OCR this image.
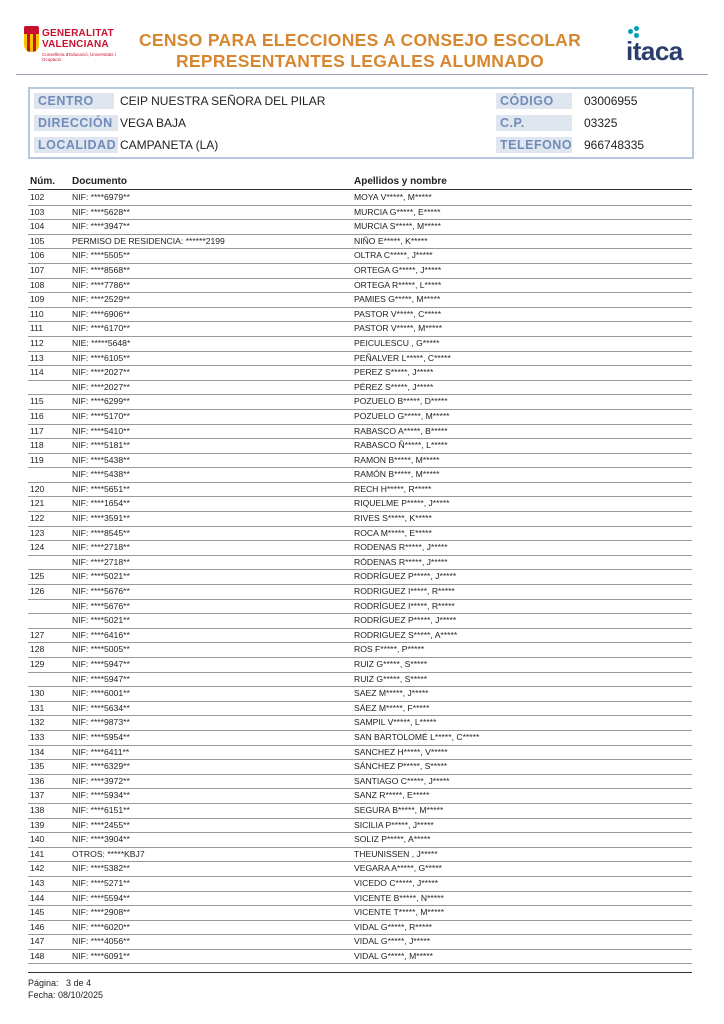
GENERALITAT
VALENCIANA
Conselleria d'Educació, Universitats i Ocupació
CENSO PARA ELECCIONES A CONSEJO ESCOLAR
REPRESENTANTES LEGALES ALUMNADO	itaca
CENTRO	CEIP NUESTRA SEÑORA DEL PILAR
DIRECCIÓN VEGA BAJA
LOCALIDAD CAMPANETA (LA)
CÓDIGO	03006955
C.P.	03325
TELEFONO 966748335
Núm. Documento	Apellidos y nombre
102	NIF: ****6979**	MOYA V*****, M*****
103	NIF: ****5628**	MURCIA G*****, E*****
104	NIF: ****3947**	MURCIA S*****, M*****
105	PERMISO DE RESIDENCIA: ******2199	NIÑO E*****, K*****
106	NIF: ****5505**	OLTRA C*****, J*****
107	NIF: ****8568**	ORTEGA G*****, J*****
108	NIF: ****7786**	ORTEGA R*****, L*****
109	NIF: ****2529**	PAMIES G*****, M*****
110	NIF: ****6906**	PASTOR V*****, C*****
111	NIF: ****6170**	PASTOR V*****, M*****
112	NIE: *****5648*	PEICULESCU , G*****
113	NIF: ****6105**	PEÑALVER L*****, C*****
114	NIF: ****2027**	PEREZ S*****, J*****
NIF: ****2027**	PÉREZ S*****, J*****
115	NIF: ****6299**	POZUELO B*****, D*****
116	NIF: ****5170**	POZUELO G*****, M*****
117	NIF: ****5410**	RABASCO A*****, B*****
118	NIF: ****5181**	RABASCO Ñ*****, L*****
119	NIF: ****5438**	RAMON B*****, M*****
NIF: ****5438**	RAMÓN B*****, M*****
120	NIF: ****5651**	RECH H*****, R*****
121	NIF: ****1654**	RIQUELME P*****, J*****
122	NIF: ****3591**	RIVES S*****, K*****
123	NIF: ****8545**	ROCA M*****, E*****
124	NIF: ****2718**	RODENAS R*****, J*****
NIF: ****2718**	RÓDENAS R*****, J*****
125	NIF: ****5021**	RODRÍGUEZ P*****, J*****
126	NIF: ****5676**	RODRIGUEZ I*****, R*****
NIF: ****5676**	RODRÍGUEZ I*****, R*****
NIF: ****5021**	RODRÍGUEZ P*****, J*****
127	NIF: ****6416**	RODRIGUEZ S*****, A*****
128	NIF: ****5005**	ROS F*****, P*****
129	NIF: ****5947**	RUIZ G*****, S*****
NIF: ****5947**	RUIZ G*****, S*****
130	NIF: ****6001**	SAEZ M*****, J*****
131	NIF: ****5634**	SÁEZ M*****, F*****
132	NIF: ****9873**	SAMPIL V*****, L*****
133	NIF: ****5954**	SAN BARTOLOMÉ L*****, C*****
134	NIF: ****6411**	SANCHEZ H*****, V*****
135	NIF: ****6329**	SÁNCHEZ P*****, S*****
136	NIF: ****3972**	SANTIAGO C*****, J*****
137	NIF: ****5934**	SANZ R*****, E*****
138	NIF: ****6151**	SEGURA B*****, M*****
139	NIF: ****2455**	SICILIA P*****, J*****
140	NIF: ****3904**	SOLIZ P*****, A*****
141	OTROS: *****KBJ7	THEUNISSEN , J*****
142	NIF: ****5382**	VEGARA A*****, G*****
143	NIF: ****5271**	VICEDO C*****, J*****
144	NIF: ****5594**	VICENTE B*****, N*****
145	NIF: ****2908**	VICENTE T*****, M*****
146	NIF: ****6020**	VIDAL G*****, R*****
147	NIF: ****4056**	VIDAL G*****, J*****
148	NIF: ****6091**	VIDAL G*****, M*****
Página: 3 de 4
Fecha: 08/10/2025
